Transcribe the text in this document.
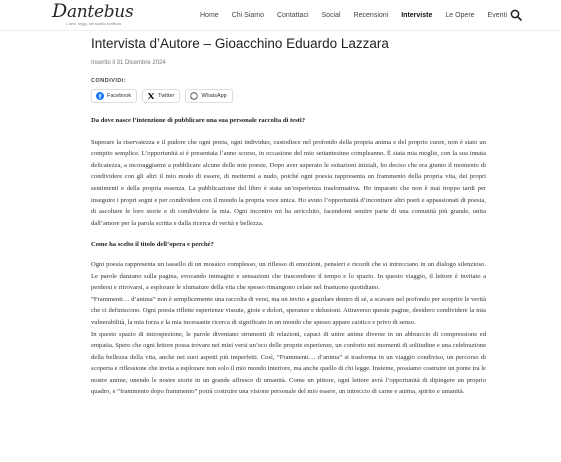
Dantebus
L'arte, leggi, sei subito scrittura
Home Chi Siamo Contattaci Social Recensioni Interviste Le Opere Eventi
Intervista d’Autore – Gioacchino Eduardo Lazzara
Inserito il 31 Dicembre 2024
CONDIVIDI:
Facebook	Twitter	WhatsApp

Da dove nasce l’intenzione di pubblicare una sua personale raccolta di testi?

Superare la riservatezza e il pudore che ogni poeta, ogni individuo, custodisce nel profondo della propria anima e del proprio cuore, non è stato un compito semplice. L’opportunità si è presentata l’anno scorso, in occasione del mio settantesimo compleanno. È stata mia moglie, con la sua innata delicatezza, a incoraggiarmi a pubblicare alcune delle mie poesie. Dopo aver superato le esitazioni iniziali, ho deciso che era giunto il momento di condividere con gli altri il mio modo di essere, di mettermi a nudo, poiché ogni poesia rappresenta un frammento della propria vita, dei propri sentimenti e della propria essenza. La pubblicazione del libro è stata un’esperienza trasformativa. Ho imparato che non è mai troppo tardi per inseguire i propri sogni e per condividere con il mondo la propria voce unica. Ho avuto l’opportunità d’incontrare altri poeti e appassionati di poesia, di ascoltare le loro storie e di condividere la mia. Ogni incontro mi ha arricchito, facendomi sentire parte di una comunità più grande, unita dall’amore per la parola scritta e dalla ricerca di verità e bellezza.

Come ha scelto il titolo dell’opera e perché?

Ogni poesia rappresenta un tassello di un mosaico complesso, un riflesso di emozioni, pensieri e ricordi che si intrecciano in un dialogo silenzioso. Le parole danzano sulla pagina, evocando immagini e sensazioni che trascendono il tempo e lo spazio. In questo viaggio, il lettore è invitato a perdersi e ritrovarsi, a esplorare le sfumature della vita che spesso rimangono celate nel frastuono quotidiano.

“Frammenti… d’anima” non è semplicemente una raccolta di versi, ma un invito a guardare dentro di sé, a scavare nel profondo per scoprire le verità che ci definiscono. Ogni poesia riflette esperienze vissute, gioie e dolori, speranze e delusioni. Attraverso queste pagine, desidero condividere la mia vulnerabilità, la mia forza e la mia incessante ricerca di significato in un mondo che spesso appare caotico e privo di senso.

In questo spazio di introspezione, le parole diventano strumenti di relazioni, capaci di unire anime diverse in un abbraccio di compressione ed empatia. Spero che ogni lettore possa trovare nei miei versi un’eco delle proprie esperienze, un conforto nei momenti di solitudine e una celebrazione della bellezza della vita, anche nei suoi aspetti più imperfetti. Così, “Frammenti… d’anima” si trasforma in un viaggio condiviso, un percorso di scoperta e riflessione che invita a esplorare non solo il mio mondo interiore, ma anche quello di chi legge. Insieme, possiamo costruire un ponte tra le nostre anime, unendo le nostre storie in un grande affresco di umanità. Come un pittore, ogni lettore avrà l’opportunità di dipingere un proprio quadro, e “frammento dopo frammento” potrà costruire una visione personale del mio essere, un intreccio di carne e anima, spirito e umanità.
